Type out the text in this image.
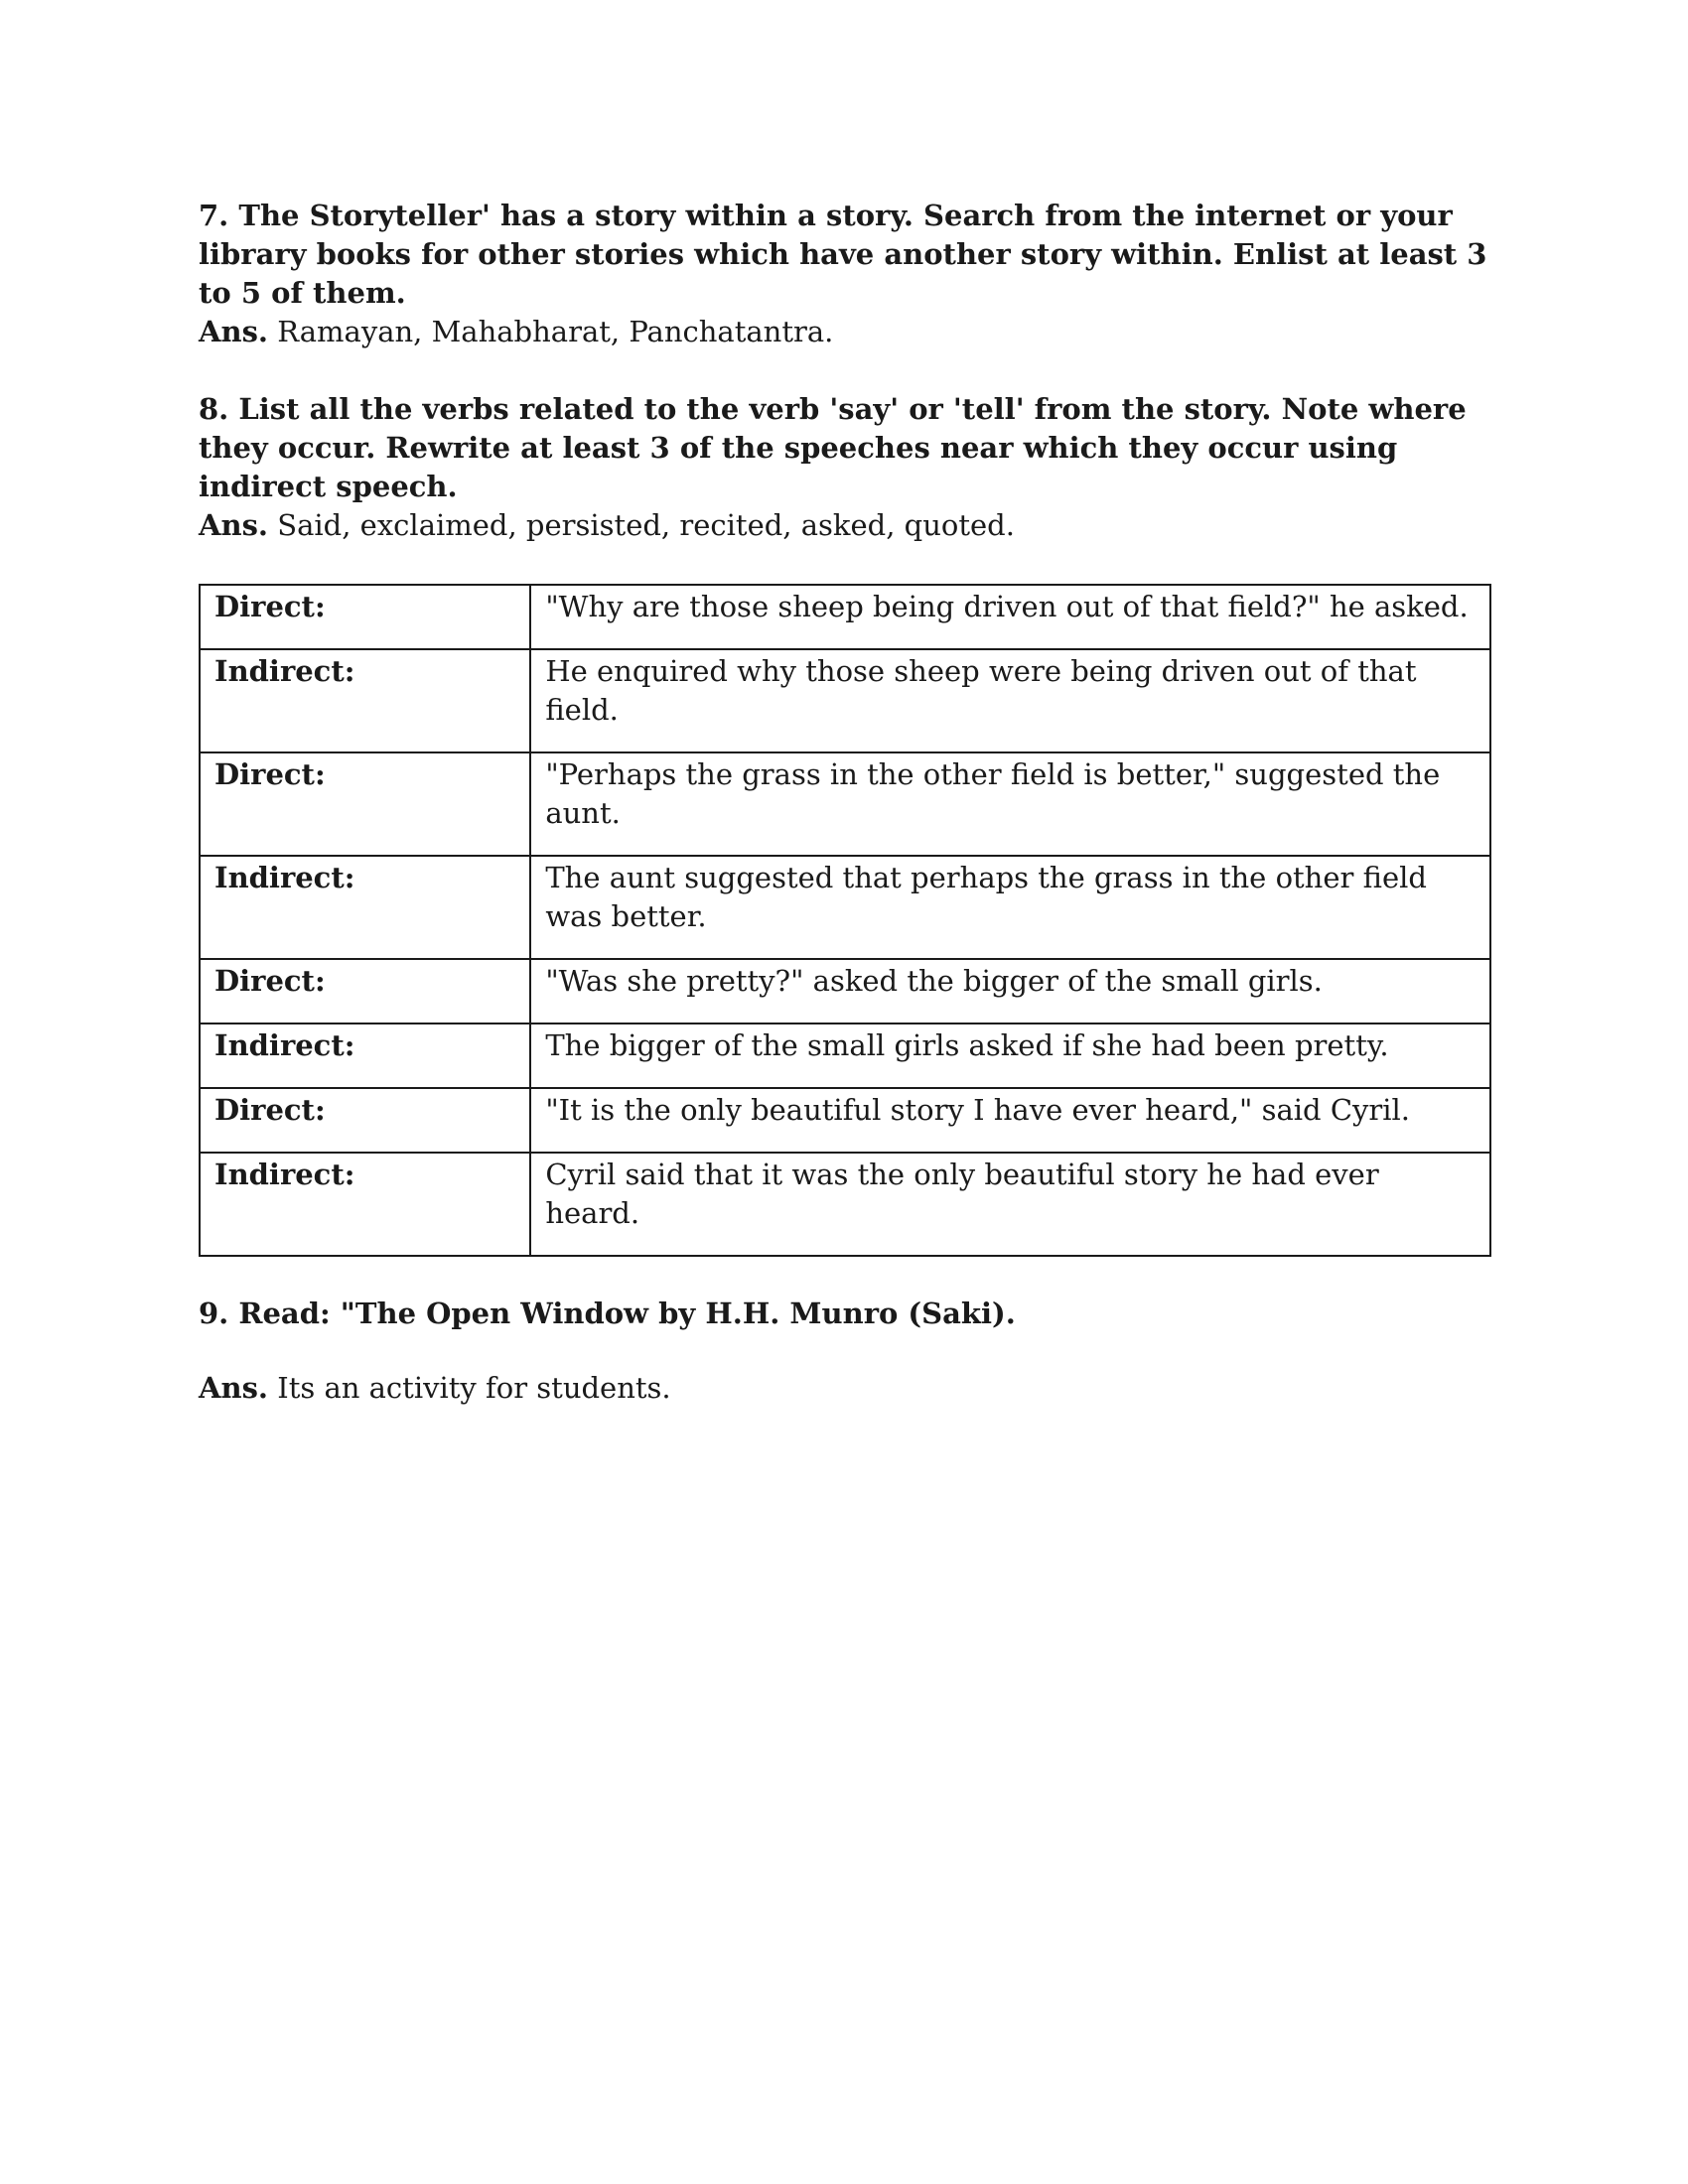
7. The Storyteller' has a story within a story. Search from the internet or your library books for other stories which have another story within. Enlist at least 3 to 5 of them.

Ans. Ramayan, Mahabharat, Panchatantra.

8. List all the verbs related to the verb 'say' or 'tell' from the story. Note where they occur. Rewrite at least 3 of the speeches near which they occur using indirect speech.

Ans. Said, exclaimed, persisted, recited, asked, quoted.

Direct:	"Why are those sheep being driven out of that field?" he asked.
Indirect:	He enquired why those sheep were being driven out of that field.
Direct:	"Perhaps the grass in the other field is better," suggested the aunt.
Indirect:	The aunt suggested that perhaps the grass in the other field was better.
Direct:	"Was she pretty?" asked the bigger of the small girls.
Indirect:	The bigger of the small girls asked if she had been pretty.
Direct:	"It is the only beautiful story I have ever heard," said Cyril.
Indirect:	Cyril said that it was the only beautiful story he had ever heard.

9. Read: "The Open Window by H.H. Munro (Saki).

Ans. Its an activity for students.
